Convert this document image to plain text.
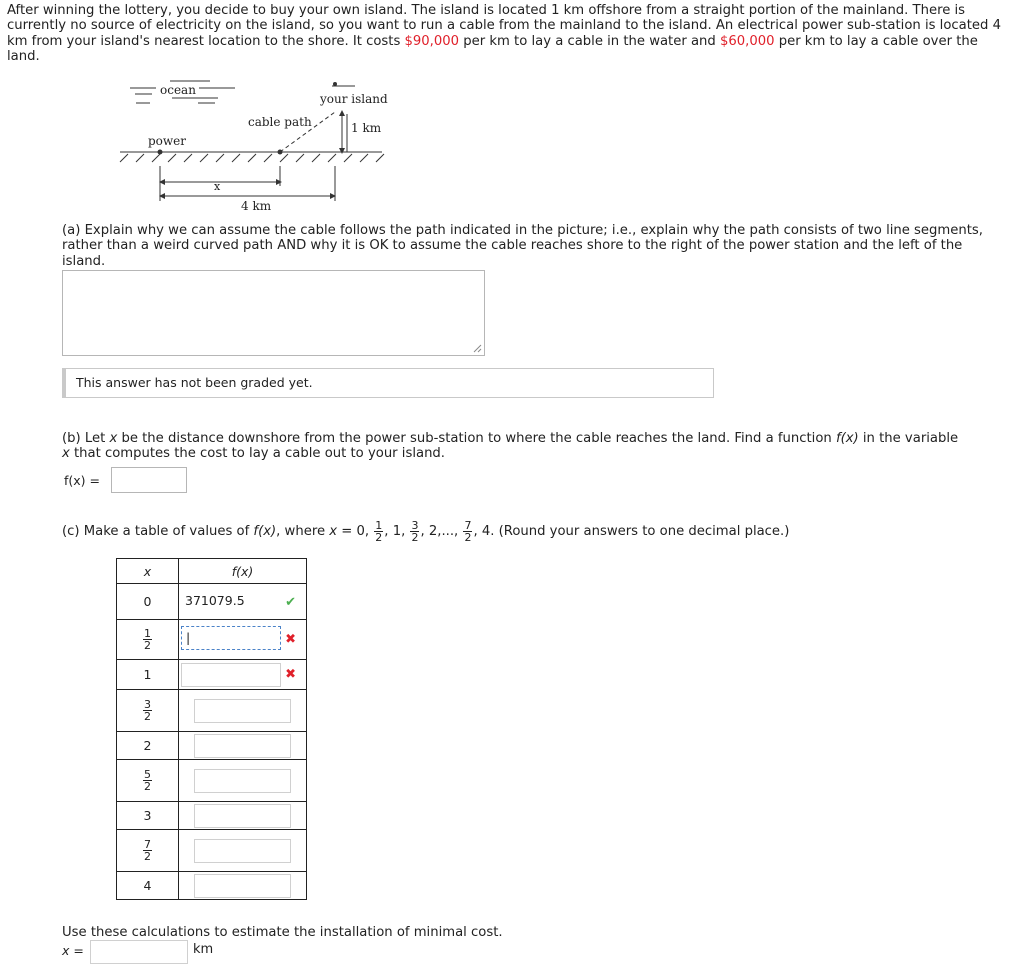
After winning the lottery, you decide to buy your own island. The island is located 1 km offshore from a straight portion of the mainland. There is currently no source of electricity on the island, so you want to run a cable from the mainland to the island. An electrical power sub-station is located 4 km from your island's nearest location to the shore. It costs $90,000 per km to lay a cable in the water and $60,000 per km to lay a cable over the land.
ocean
your island
cable path	1 km
power
x
4 km
(a) Explain why we can assume the cable follows the path indicated in the picture; i.e., explain why the path consists of two line segments, rather than a weird curved path AND why it is OK to assume the cable reaches shore to the right of the power station and the left of the island.
This answer has not been graded yet.
(b) Let x be the distance downshore from the power sub-station to where the cable reaches the land. Find a function f(x) in the variable
x that computes the cost to lay a cable out to your island.
f(x) =
(c) Make a table of values of f(x), where x = 0, $\frac{1}{2}$ , 1, $\frac{3}{2}$ , 2,..., $\frac{7}{2}$ , 4. (Round your answers to one decimal place.)
x	f(x)
0	371079.5 ✔

$\frac{1}{2}$	| ✖

1	✖

$\frac{3}{2}$

2	

$\frac{5}{2}$

3	

$\frac{7}{2}$

4	
Use these calculations to estimate the installation of minimal cost.
x =	km
